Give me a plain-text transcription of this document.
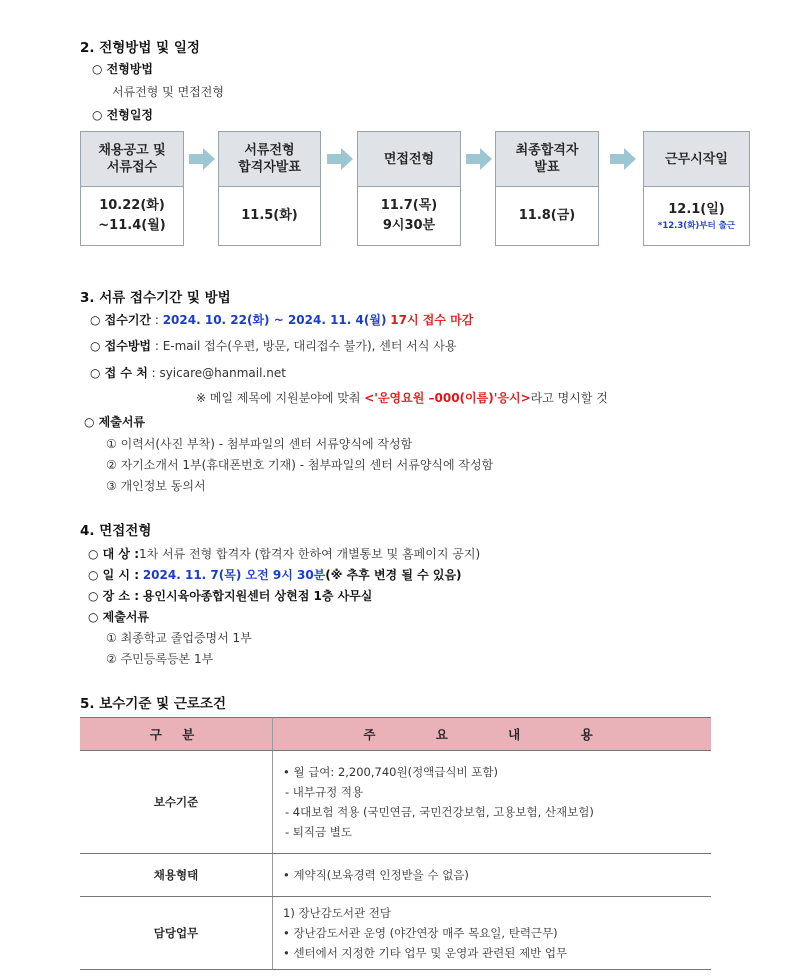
2. 전형방법 및 일정
○ 전형방법
서류전형 및 면접전형
○ 전형일정
채용공고 및
서류접수
10.22(화)
~11.4(월)
서류전형
합격자발표
11.5(화)
면접전형
11.7(목)
9시30분
최종합격자
발표
11.8(금)
근무시작일
12.1(일)
*12.3(화)부터 출근
3. 서류 접수기간 및 방법
○ 접수기간 : 2024. 10. 22(화) ~ 2024. 11. 4(월) 17시 접수 마감
○ 접수방법 : E-mail 접수(우편, 방문, 대리접수 불가), 센터 서식 사용
○ 접 수 처 : syicare@hanmail.net
※ 메일 제목에 지원분야에 맞춰 <'운영요원 –000(이름)'응시>라고 명시할 것
○ 제출서류
① 이력서(사진 부착) - 첨부파일의 센터 서류양식에 작성함
② 자기소개서 1부(휴대폰번호 기재) - 첨부파일의 센터 서류양식에 작성함
③ 개인정보 동의서
4. 면접전형
○ 대 상 :1차 서류 전형 합격자 (합격자 한하여 개별통보 및 홈페이지 공지)
○ 일 시 : 2024. 11. 7(목) 오전 9시 30분(※ 추후 변경 될 수 있음)
○ 장 소 : 용인시육아종합지원센터 상현점 1층 사무실
○ 제출서류
① 최종학교 졸업증명서 1부
② 주민등록등본 1부
5. 보수기준 및 근로조건
구 분	주 요 내 용
보수기준	• 월 급여: 2,200,740원(정액급식비 포함)
- 내부규정 적용
- 4대보험 적용 (국민연금, 국민건강보험, 고용보험, 산재보험)
- 퇴직금 별도

채용형태	• 계약직(보육경력 인정받을 수 없음)

담당업무	1) 장난감도서관 전담
• 장난감도서관 운영 (야간연장 매주 목요일, 탄력근무)
• 센터에서 지정한 기타 업무 및 운영과 관련된 제반 업무
